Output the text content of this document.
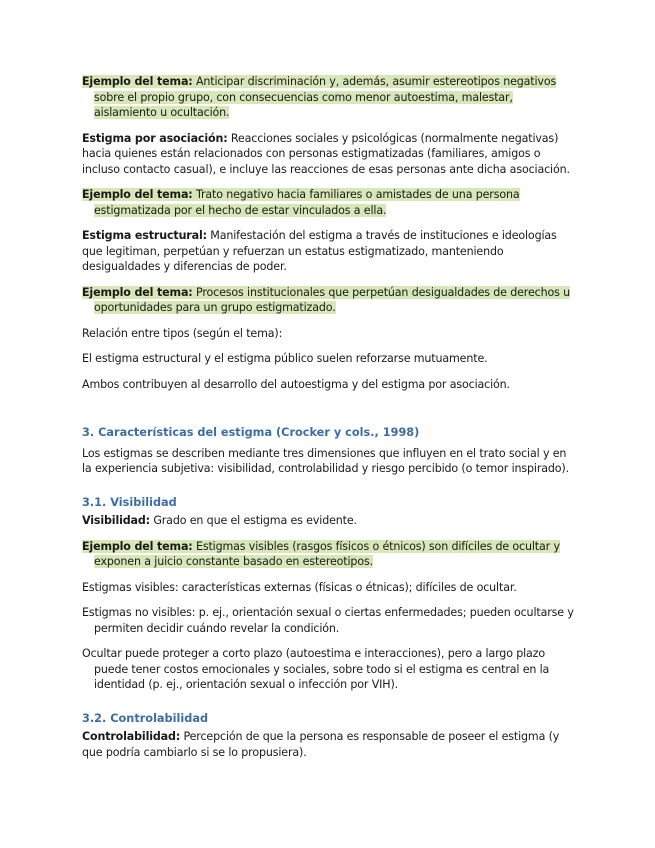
Ejemplo del tema: Anticipar discriminación y, además, asumir estereotipos negativos sobre el propio grupo, con consecuencias como menor autoestima, malestar, aislamiento u ocultación.

Estigma por asociación: Reacciones sociales y psicológicas (normalmente negativas) hacia quienes están relacionados con personas estigmatizadas (familiares, amigos o incluso contacto casual), e incluye las reacciones de esas personas ante dicha asociación.

Ejemplo del tema: Trato negativo hacia familiares o amistades de una persona estigmatizada por el hecho de estar vinculados a ella.

Estigma estructural: Manifestación del estigma a través de instituciones e ideologías que legitiman, perpetúan y refuerzan un estatus estigmatizado, manteniendo desigualdades y diferencias de poder.

Ejemplo del tema: Procesos institucionales que perpetúan desigualdades de derechos u oportunidades para un grupo estigmatizado.

Relación entre tipos (según el tema):

El estigma estructural y el estigma público suelen reforzarse mutuamente.

Ambos contribuyen al desarrollo del autoestigma y del estigma por asociación.

3. Características del estigma (Crocker y cols., 1998)

Los estigmas se describen mediante tres dimensiones que influyen en el trato social y en la experiencia subjetiva: visibilidad, controlabilidad y riesgo percibido (o temor inspirado).

3.1. Visibilidad

Visibilidad: Grado en que el estigma es evidente.

Ejemplo del tema: Estigmas visibles (rasgos físicos o étnicos) son difíciles de ocultar y exponen a juicio constante basado en estereotipos.

Estigmas visibles: características externas (físicas o étnicas); difíciles de ocultar.

Estigmas no visibles: p. ej., orientación sexual o ciertas enfermedades; pueden ocultarse y permiten decidir cuándo revelar la condición.

Ocultar puede proteger a corto plazo (autoestima e interacciones), pero a largo plazo puede tener costos emocionales y sociales, sobre todo si el estigma es central en la identidad (p. ej., orientación sexual o infección por VIH).

3.2. Controlabilidad

Controlabilidad: Percepción de que la persona es responsable de poseer el estigma (y que podría cambiarlo si se lo propusiera).
